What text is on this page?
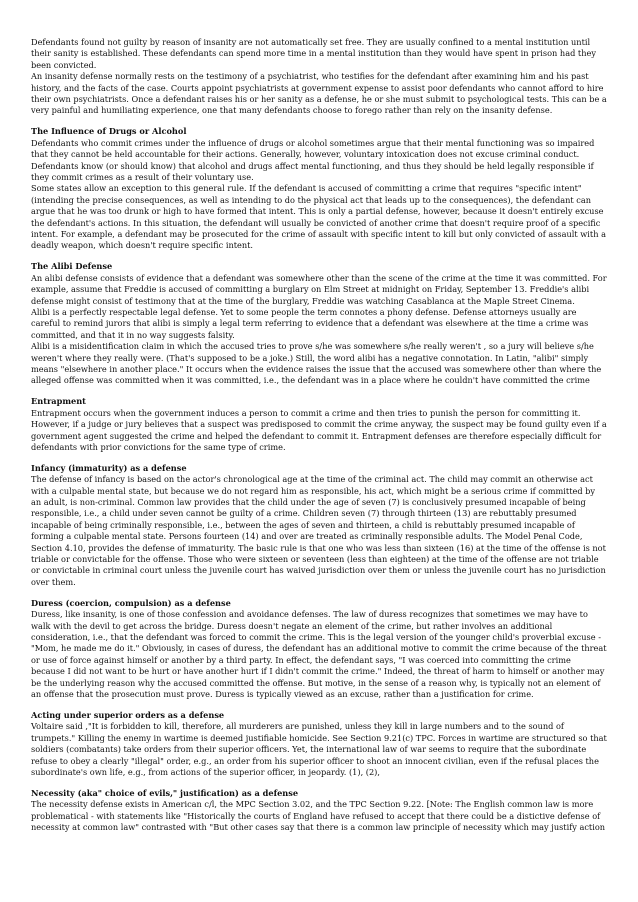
Defendants found not guilty by reason of insanity are not automatically set free. They are usually confined to a mental institution until their sanity is established. These defendants can spend more time in a mental institution than they would have spent in prison had they been convicted.

An insanity defense normally rests on the testimony of a psychiatrist, who testifies for the defendant after examining him and his past history, and the facts of the case. Courts appoint psychiatrists at government expense to assist poor defendants who cannot afford to hire their own psychiatrists. Once a defendant raises his or her sanity as a defense, he or she must submit to psychological tests. This can be a very painful and humiliating experience, one that many defendants choose to forego rather than rely on the insanity defense.

The Influence of Drugs or Alcohol

Defendants who commit crimes under the influence of drugs or alcohol sometimes argue that their mental functioning was so impaired that they cannot be held accountable for their actions. Generally, however, voluntary intoxication does not excuse criminal conduct. Defendants know (or should know) that alcohol and drugs affect mental functioning, and thus they should be held legally responsible if they commit crimes as a result of their voluntary use.

Some states allow an exception to this general rule. If the defendant is accused of committing a crime that requires "specific intent" (intending the precise consequences, as well as intending to do the physical act that leads up to the consequences), the defendant can argue that he was too drunk or high to have formed that intent. This is only a partial defense, however, because it doesn't entirely excuse the defendant's actions. In this situation, the defendant will usually be convicted of another crime that doesn't require proof of a specific intent. For example, a defendant may be prosecuted for the crime of assault with specific intent to kill but only convicted of assault with a deadly weapon, which doesn't require specific intent.

The Alibi Defense

An alibi defense consists of evidence that a defendant was somewhere other than the scene of the crime at the time it was committed. For example, assume that Freddie is accused of committing a burglary on Elm Street at midnight on Friday, September 13. Freddie's alibi defense might consist of testimony that at the time of the burglary, Freddie was watching Casablanca at the Maple Street Cinema.

Alibi is a perfectly respectable legal defense. Yet to some people the term connotes a phony defense. Defense attorneys usually are careful to remind jurors that alibi is simply a legal term referring to evidence that a defendant was elsewhere at the time a crime was committed, and that it in no way suggests falsity.

Alibi is a misidentification claim in which the accused tries to prove s/he was somewhere s/he really weren't , so a jury will believe s/he weren't where they really were. (That's supposed to be a joke.) Still, the word alibi has a negative connotation. In Latin, "alibi" simply means "elsewhere in another place." It occurs when the evidence raises the issue that the accused was somewhere other than where the alleged offense was committed when it was committed, i.e., the defendant was in a place where he couldn't have committed the crime

Entrapment

Entrapment occurs when the government induces a person to commit a crime and then tries to punish the person for committing it. However, if a judge or jury believes that a suspect was predisposed to commit the crime anyway, the suspect may be found guilty even if a government agent suggested the crime and helped the defendant to commit it. Entrapment defenses are therefore especially difficult for defendants with prior convictions for the same type of crime.

Infancy (immaturity) as a defense

The defense of infancy is based on the actor's chronological age at the time of the criminal act. The child may commit an otherwise act with a culpable mental state, but because we do not regard him as responsible, his act, which might be a serious crime if committed by an adult, is non-criminal. Common law provides that the child under the age of seven (7) is conclusively presumed incapable of being responsible, i.e., a child under seven cannot be guilty of a crime. Children seven (7) through thirteen (13) are rebuttably presumed incapable of being criminally responsible, i.e., between the ages of seven and thirteen, a child is rebuttably presumed incapable of forming a culpable mental state. Persons fourteen (14) and over are treated as criminally responsible adults. The Model Penal Code, Section 4.10, provides the defense of immaturity. The basic rule is that one who was less than sixteen (16) at the time of the offense is not triable or convictable for the offense. Those who were sixteen or seventeen (less than eighteen) at the time of the offense are not triable or convictable in criminal court unless the juvenile court has waived jurisdiction over them or unless the juvenile court has no jurisdiction over them.

Duress (coercion, compulsion) as a defense

Duress, like insanity, is one of those confession and avoidance defenses. The law of duress recognizes that sometimes we may have to walk with the devil to get across the bridge. Duress doesn't negate an element of the crime, but rather involves an additional consideration, i.e., that the defendant was forced to commit the crime. This is the legal version of the younger child's proverbial excuse - "Mom, he made me do it." Obviously, in cases of duress, the defendant has an additional motive to commit the crime because of the threat or use of force against himself or another by a third party. In effect, the defendant says, "I was coerced into committing the crime because I did not want to be hurt or have another hurt if I didn't commit the crime." Indeed, the threat of harm to himself or another may be the underlying reason why the accused committed the offense. But motive, in the sense of a reason why, is typically not an element of an offense that the prosecution must prove. Duress is typically viewed as an excuse, rather than a justification for crime.

Acting under superior orders as a defense

Voltaire said ,"It is forbidden to kill, therefore, all murderers are punished, unless they kill in large numbers and to the sound of trumpets." Killing the enemy in wartime is deemed justifiable homicide. See Section 9.21(c) TPC. Forces in wartime are structured so that soldiers (combatants) take orders from their superior officers. Yet, the international law of war seems to require that the subordinate refuse to obey a clearly "illegal" order, e.g., an order from his superior officer to shoot an innocent civilian, even if the refusal places the subordinate's own life, e.g., from actions of the superior officer, in jeopardy. (1), (2),

Necessity (aka" choice of evils," justification) as a defense

The necessity defense exists in American c/l, the MPC Section 3.02, and the TPC Section 9.22. [Note: The English common law is more problematical - with statements like "Historically the courts of England have refused to accept that there could be a distictive defense of necessity at common law" contrasted with "But other cases say that there is a common law principle of necessity which may justify action
